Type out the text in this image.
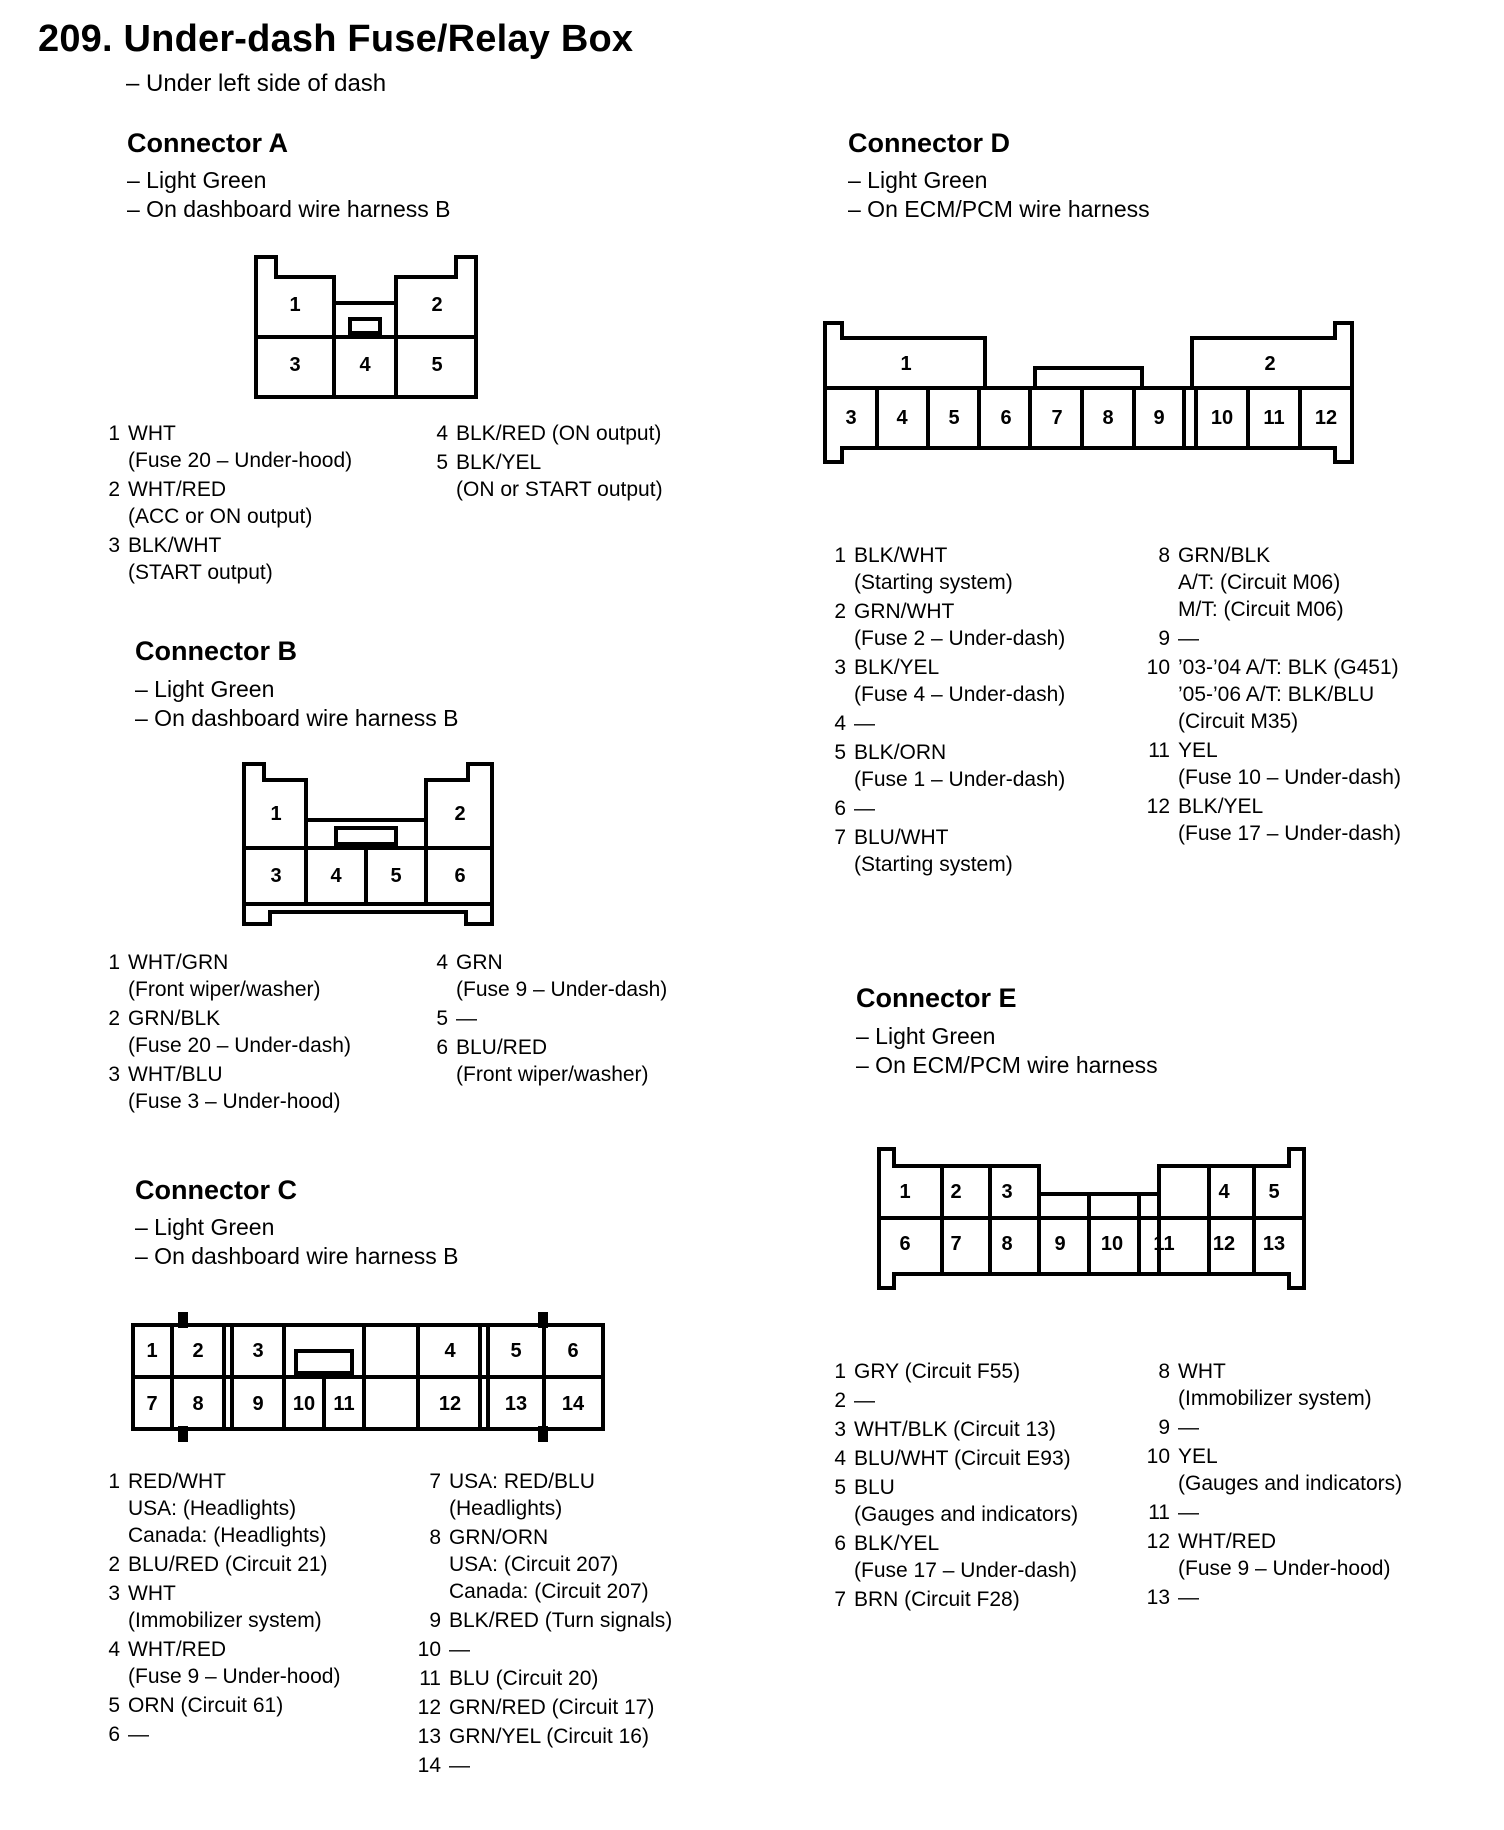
209. Under-dash Fuse/Relay Box
– Under left side of dash
Connector A
– Light Green
– On dashboard wire harness B
1	2
3	4	5
1 WHT
(Fuse 20 – Under-hood)
2 WHT/RED
(ACC or ON output)
3 BLK/WHT
(START output)
4 BLK/RED (ON output)
5 BLK/YEL
(ON or START output)
Connector B
– Light Green
– On dashboard wire harness B
1	2
3 4 5	6
1 WHT/GRN
(Front wiper/washer)
2 GRN/BLK
(Fuse 20 – Under-dash)
3 WHT/BLU
(Fuse 3 – Under-hood)
4 GRN
(Fuse 9 – Under-dash)
5 —
6 BLU/RED
(Front wiper/washer)
Connector C
– Light Green
– On dashboard wire harness B
1 2 3	4	5 6
7 8 9 10 11	12 13 14
1 RED/WHT
USA: (Headlights)
Canada: (Headlights)
2 BLU/RED (Circuit 21)
3 WHT
(Immobilizer system)
4 WHT/RED
(Fuse 9 – Under-hood)
5 ORN (Circuit 61)
6 —
7 USA: RED/BLU
(Headlights)
8 GRN/ORN
USA: (Circuit 207)
Canada: (Circuit 207)
9 BLK/RED (Turn signals)
10 —
11 BLU (Circuit 20)
12 GRN/RED (Circuit 17)
13 GRN/YEL (Circuit 16)
14 —
Connector D
– Light Green
– On ECM/PCM wire harness
1	2
3 4 5 6 7 8 9 10 11 12
1 BLK/WHT
(Starting system)
2 GRN/WHT
(Fuse 2 – Under-dash)
3 BLK/YEL
(Fuse 4 – Under-dash)
4 —
5 BLK/ORN
(Fuse 1 – Under-dash)
6 —
7 BLU/WHT
(Starting system)
8 GRN/BLK
A/T: (Circuit M06)
M/T: (Circuit M06)
9 —
10 ’03-’04 A/T: BLK (G451)
’05-’06 A/T: BLK/BLU
(Circuit M35)
11 YEL
(Fuse 10 – Under-dash)
12 BLK/YEL
(Fuse 17 – Under-dash)
Connector E
– Light Green
– On ECM/PCM wire harness
1 2 3	4 5
6 7 8 9 10 11 12 13
1 GRY (Circuit F55)
2 —
3 WHT/BLK (Circuit 13)
4 BLU/WHT (Circuit E93)
5 BLU
(Gauges and indicators)
6 BLK/YEL
(Fuse 17 – Under-dash)
7 BRN (Circuit F28)
8 WHT
(Immobilizer system)
9 —
10 YEL
(Gauges and indicators)
11 —
12 WHT/RED
(Fuse 9 – Under-hood)
13 —
